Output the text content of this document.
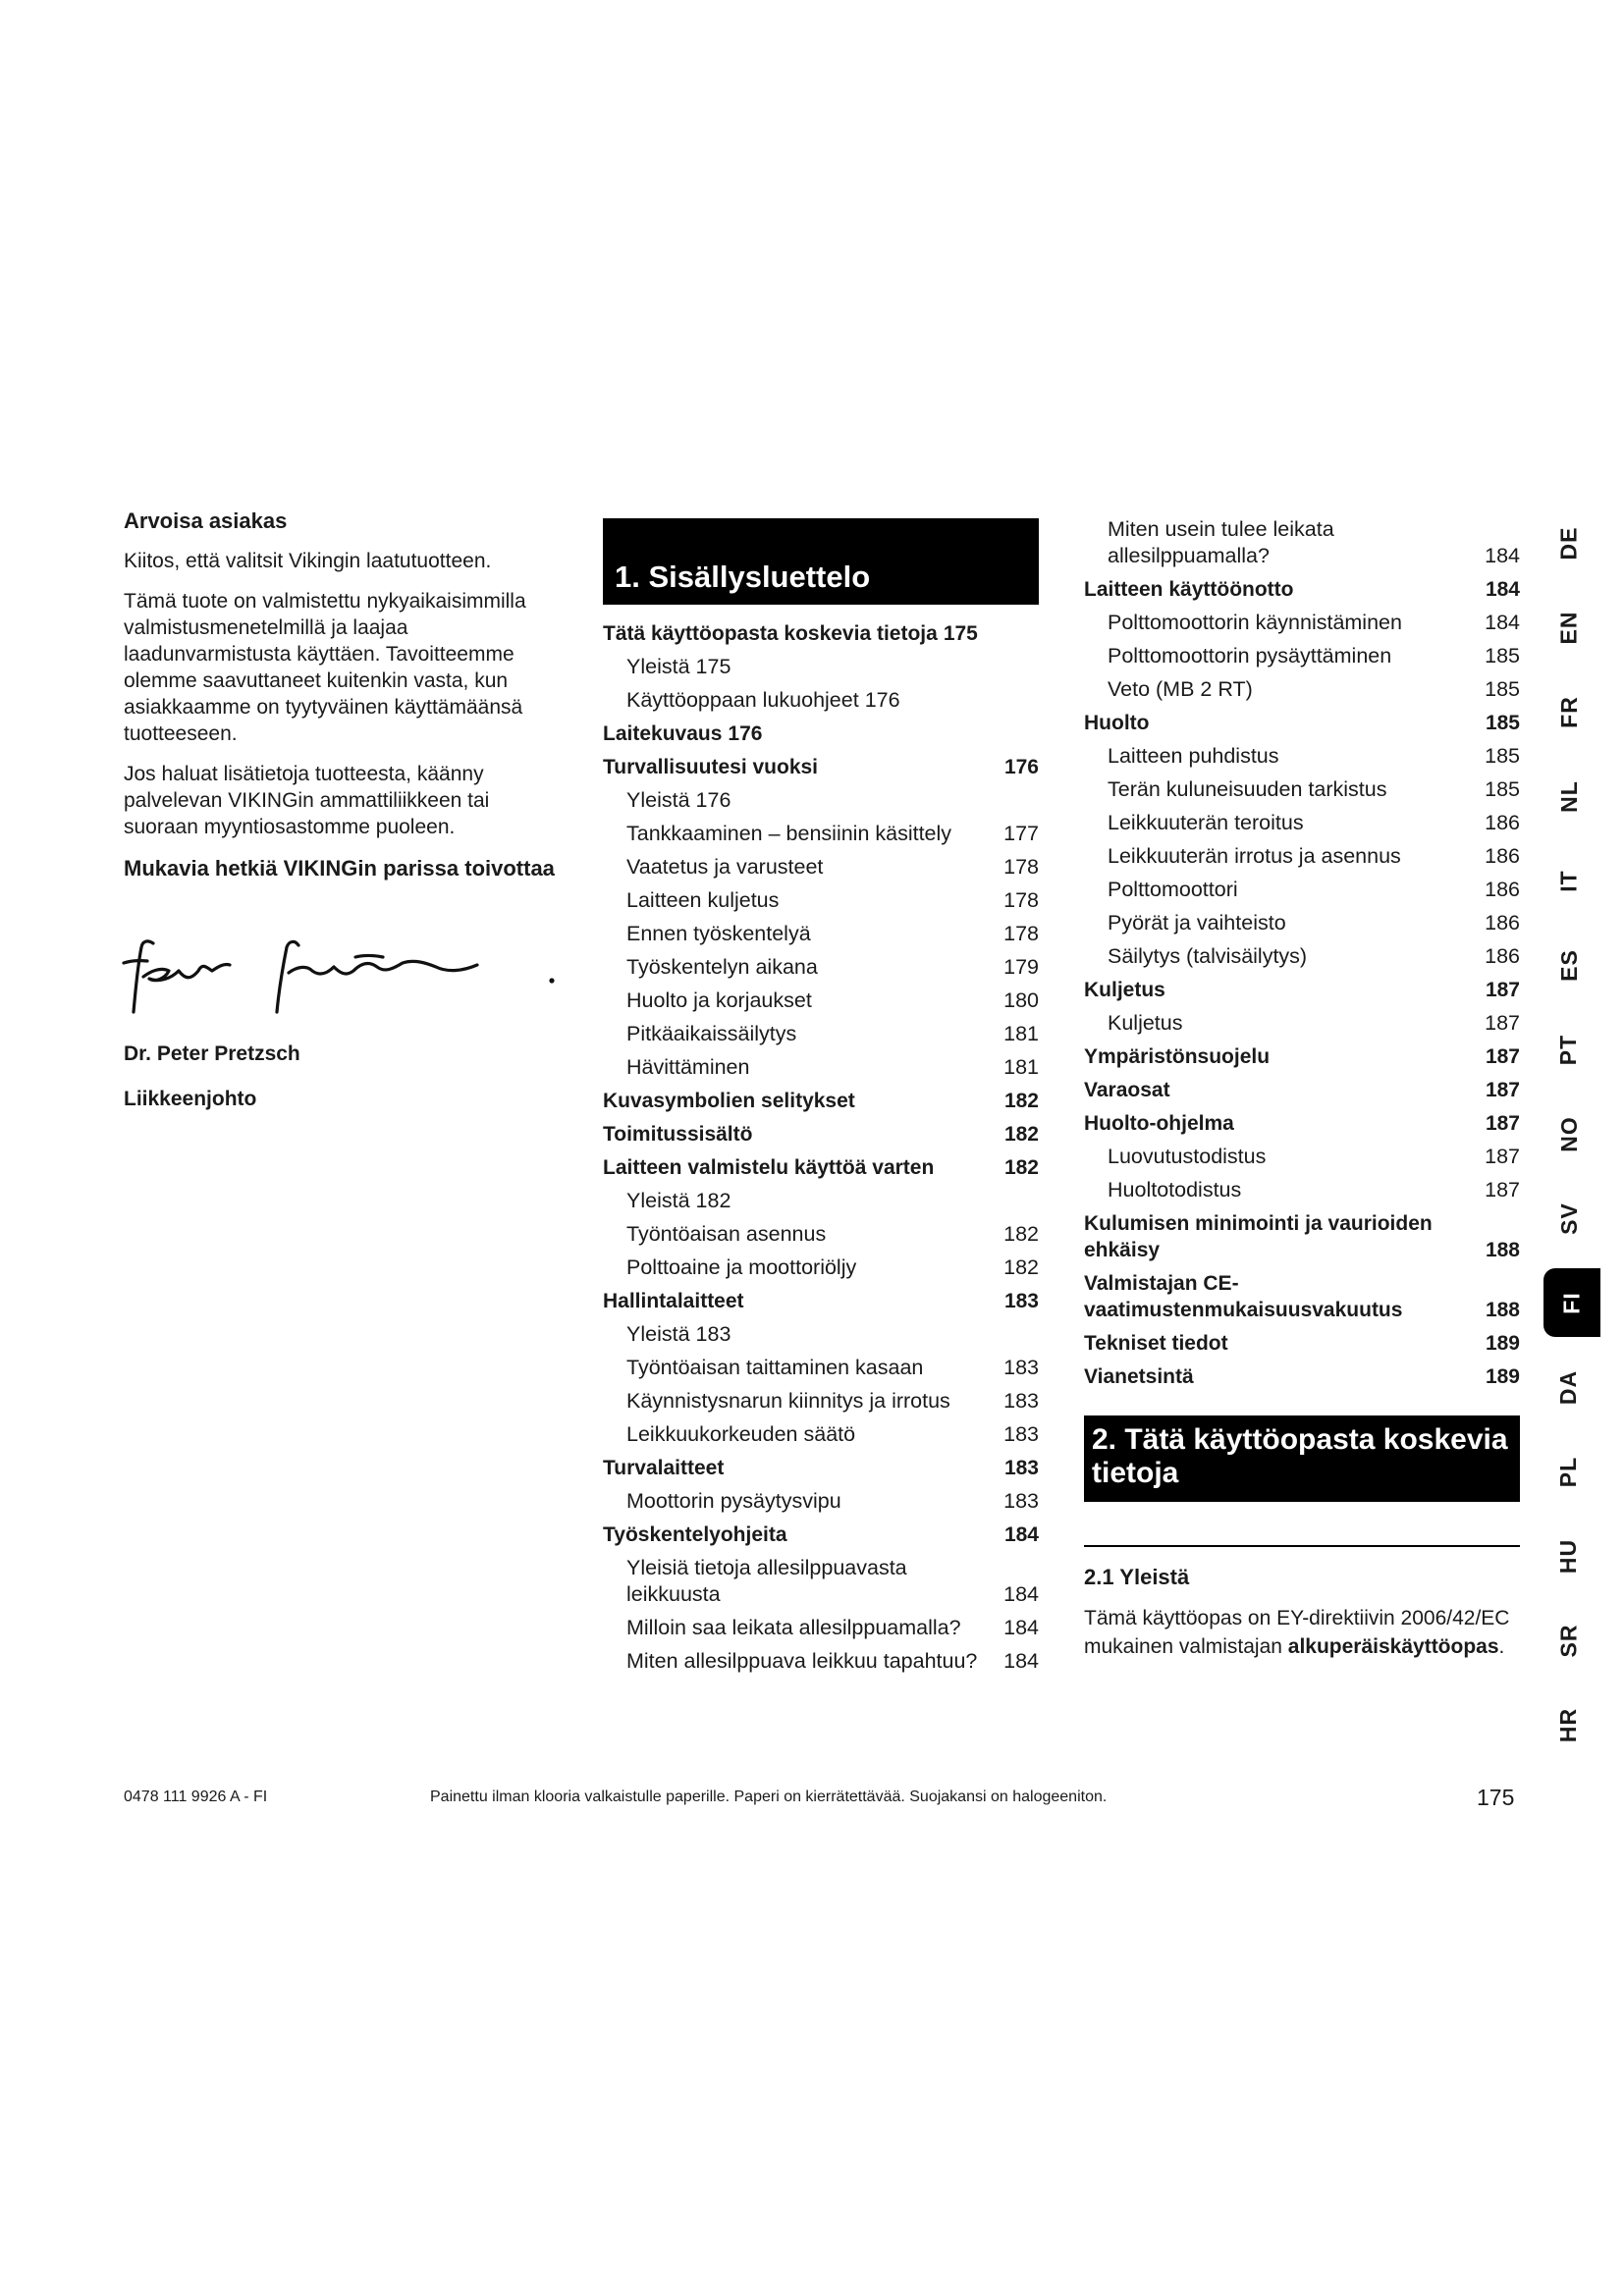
Arvoisa asiakas

Kiitos, että valitsit Vikingin laatutuotteen.

Tämä tuote on valmistettu nykyaikaisimmilla valmistusmenetelmillä ja laajaa laadunvarmistusta käyttäen. Tavoitteemme olemme saavuttaneet kuitenkin vasta, kun asiakkaamme on tyytyväinen käyttämäänsä tuotteeseen.

Jos haluat lisätietoja tuotteesta, käänny palvelevan VIKINGin ammattiliikkeen tai suoraan myyntiosastomme puoleen.

Mukavia hetkiä VIKINGin parissa toivottaa

Dr. Peter Pretzsch
Liikkeenjohto
1. Sisällysluettelo
Tätä käyttöopasta koskevia tietoja 175
Yleistä 175
Käyttöoppaan lukuohjeet 176
Laitekuvaus 176
Turvallisuutesi vuoksi	176
Yleistä 176
Tankkaaminen – bensiinin käsittely	177
Vaatetus ja varusteet	178
Laitteen kuljetus	178
Ennen työskentelyä	178
Työskentelyn aikana	179
Huolto ja korjaukset	180
Pitkäaikaissäilytys	181
Hävittäminen	181
Kuvasymbolien selitykset	182
Toimitussisältö	182
Laitteen valmistelu käyttöä varten	182
Yleistä 182
Työntöaisan asennus	182
Polttoaine ja moottoriöljy	182
Hallintalaitteet	183
Yleistä 183
Työntöaisan taittaminen kasaan	183
Käynnistysnarun kiinnitys ja irrotus	183
Leikkuukorkeuden säätö	183
Turvalaitteet	183
Moottorin pysäytysvipu	183
Työskentelyohjeita	184
Yleisiä tietoja allesilppuavasta leikkuusta	184
Milloin saa leikata allesilppuamalla?	184
Miten allesilppuava leikkuu tapahtuu?	184
Miten usein tulee leikata allesilppuamalla?	184
Laitteen käyttöönotto	184
Polttomoottorin käynnistäminen	184
Polttomoottorin pysäyttäminen	185
Veto (MB 2 RT)	185
Huolto	185
Laitteen puhdistus	185
Terän kuluneisuuden tarkistus	185
Leikkuuterän teroitus	186
Leikkuuterän irrotus ja asennus	186
Polttomoottori	186
Pyörät ja vaihteisto	186
Säilytys (talvisäilytys)	186
Kuljetus	187
Kuljetus	187
Ympäristönsuojelu	187
Varaosat	187
Huolto-ohjelma	187
Luovutustodistus	187
Huoltotodistus	187
Kulumisen minimointi ja vaurioiden ehkäisy	188
Valmistajan CE-vaatimustenmukaisuusvakuutus	188
Tekniset tiedot	189
Vianetsintä	189
2. Tätä käyttöopasta koskevia tietoja
2.1 Yleistä

Tämä käyttöopas on EY-direktiivin 2006/42/EC mukainen valmistajan alkuperäiskäyttöopas.

DE
EN
FR
NL
IT
ES
PT
NO
SV
FI
DA
PL
HU
SR
HR
0478 111 9926 A - FI	Painettu ilman klooria valkaistulle paperille. Paperi on kierrätettävää. Suojakansi on halogeeniton.	175
